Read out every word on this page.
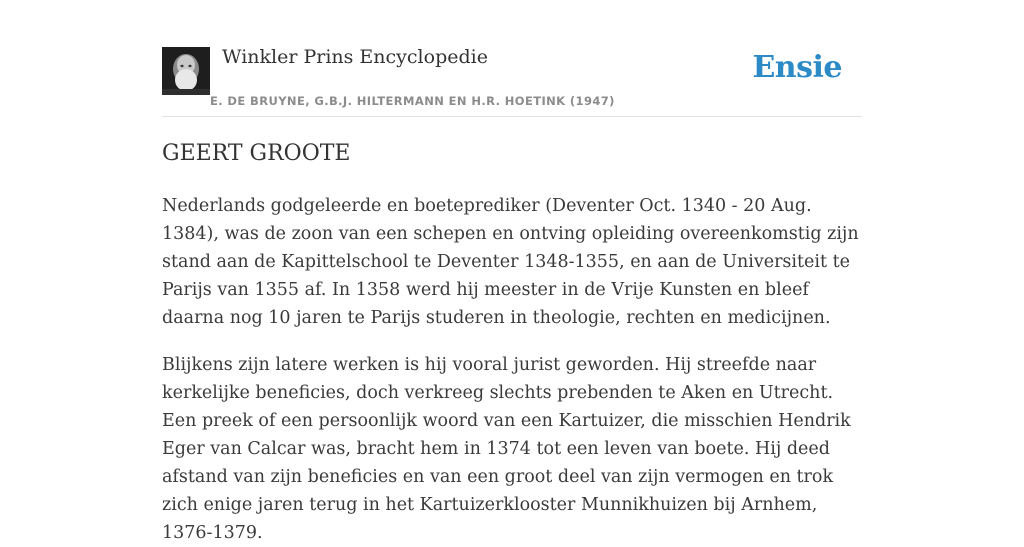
Winkler Prins Encyclopedie
E. DE BRUYNE, G.B.J. HILTERMANN EN H.R. HOETINK (1947)
Ensie
GEERT GROOTE

Nederlands godgeleerde en boeteprediker (Deventer Oct. 1340 - 20 Aug. 1384), was de zoon van een schepen en ontving opleiding overeenkomstig zijn stand aan de Kapittelschool te Deventer 1348-1355, en aan de Universiteit te Parijs van 1355 af. In 1358 werd hij meester in de Vrije Kunsten en bleef daarna nog 10 jaren te Parijs studeren in theologie, rechten en medicijnen.

Blijkens zijn latere werken is hij vooral jurist geworden. Hij streefde naar kerkelijke beneficies, doch verkreeg slechts prebenden te Aken en Utrecht. Een preek of een persoonlijk woord van een Kartuizer, die misschien Hendrik Eger van Calcar was, bracht hem in 1374 tot een leven van boete. Hij deed afstand van zijn beneficies en van een groot deel van zijn vermogen en trok zich enige jaren terug in het Kartuizerklooster Munnikhuizen bij Arnhem, 1376-1379.
